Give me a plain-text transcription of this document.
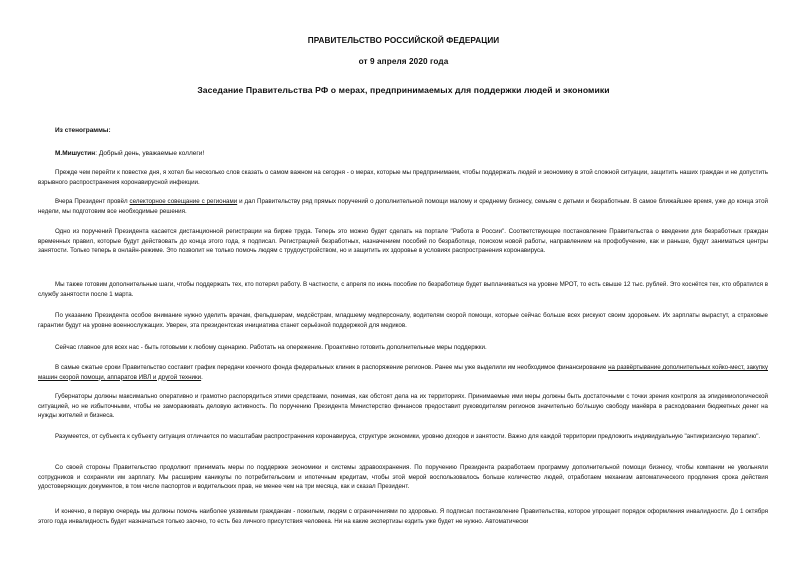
ПРАВИТЕЛЬСТВО РОССИЙСКОЙ ФЕДЕРАЦИИ
от 9 апреля 2020 года
Заседание Правительства РФ о мерах, предпринимаемых для поддержки людей и экономики
Из стенограммы:
М.Мишустин: Добрый день, уважаемые коллеги!

Прежде чем перейти к повестке дня, я хотел бы несколько слов сказать о самом важном на сегодня - о мерах, которые мы предпринимаем, чтобы поддержать людей и экономику в этой сложной ситуации, защитить наших граждан и не допустить взрывного распространения коронавирусной инфекции.

Вчера Президент провёл селекторное совещание с регионами и дал Правительству ряд прямых поручений о дополнительной помощи малому и среднему бизнесу, семьям с детьми и безработным. В самое ближайшее время, уже до конца этой недели, мы подготовим все необходимые решения.

Одно из поручений Президента касается дистанционной регистрации на бирже труда. Теперь это можно будет сделать на портале "Работа в России". Соответствующее постановление Правительства о введении для безработных граждан временных правил, которые будут действовать до конца этого года, я подписал. Регистрацией безработных, назначением пособий по безработице, поиском новой работы, направлением на профобучение, как и раньше, будут заниматься центры занятости. Только теперь в онлайн-режиме. Это позволит не только помочь людям с трудоустройством, но и защитить их здоровье в условиях распространения коронавируса.

Мы также готовим дополнительные шаги, чтобы поддержать тех, кто потерял работу. В частности, с апреля по июнь пособие по безработице будет выплачиваться на уровне МРОТ, то есть свыше 12 тыс. рублей. Это коснётся тех, кто обратился в службу занятости после 1 марта.

По указанию Президента особое внимание нужно уделить врачам, фельдшерам, медсёстрам, младшему медперсоналу, водителям скорой помощи, которые сейчас больше всех рискуют своим здоровьем. Их зарплаты вырастут, а страховые гарантии будут на уровне военнослужащих. Уверен, эта президентская инициатива станет серьёзной поддержкой для медиков.

Сейчас главное для всех нас - быть готовыми к любому сценарию. Работать на опережение. Проактивно готовить дополнительные меры поддержки.

В самые сжатые сроки Правительство составит график передачи коечного фонда федеральных клиник в распоряжение регионов. Ранее мы уже выделили им необходимое финансирование на развёртывание дополнительных койко-мест, закупку машин скорой помощи, аппаратов ИВЛ и другой техники.

Губернаторы должны максимально оперативно и грамотно распорядиться этими средствами, понимая, как обстоят дела на их территориях. Принимаемые ими меры должны быть достаточными с точки зрения контроля за эпидемиологической ситуацией, но не избыточными, чтобы не замораживать деловую активность. По поручению Президента Министерство финансов предоставит руководителям регионов значительно бо'льшую свободу манёвра в расходовании бюджетных денег на нужды жителей и бизнеса.

Разумеется, от субъекта к субъекту ситуация отличается по масштабам распространения коронавируса, структуре экономики, уровню доходов и занятости. Важно для каждой территории предложить индивидуальную "антикризисную терапию".

Со своей стороны Правительство продолжит принимать меры по поддержке экономики и системы здравоохранения. По поручению Президента разработаем программу дополнительной помощи бизнесу, чтобы компании не увольняли сотрудников и сохраняли им зарплату. Мы расширим каникулы по потребительским и ипотечным кредитам, чтобы этой мерой воспользовалось больше количество людей, отработаем механизм автоматического продления срока действия удостоверяющих документов, в том числе паспортов и водительских прав, не менее чем на три месяца, как и сказал Президент.

И конечно, в первую очередь мы должны помочь наиболее уязвимым гражданам - пожилым, людям с ограничениями по здоровью. Я подписал постановление Правительства, которое упрощает порядок оформления инвалидности. До 1 октября этого года инвалидность будет назначаться только заочно, то есть без личного присутствия человека. Ни на какие экспертизы ездить уже будет не нужно. Автоматически
